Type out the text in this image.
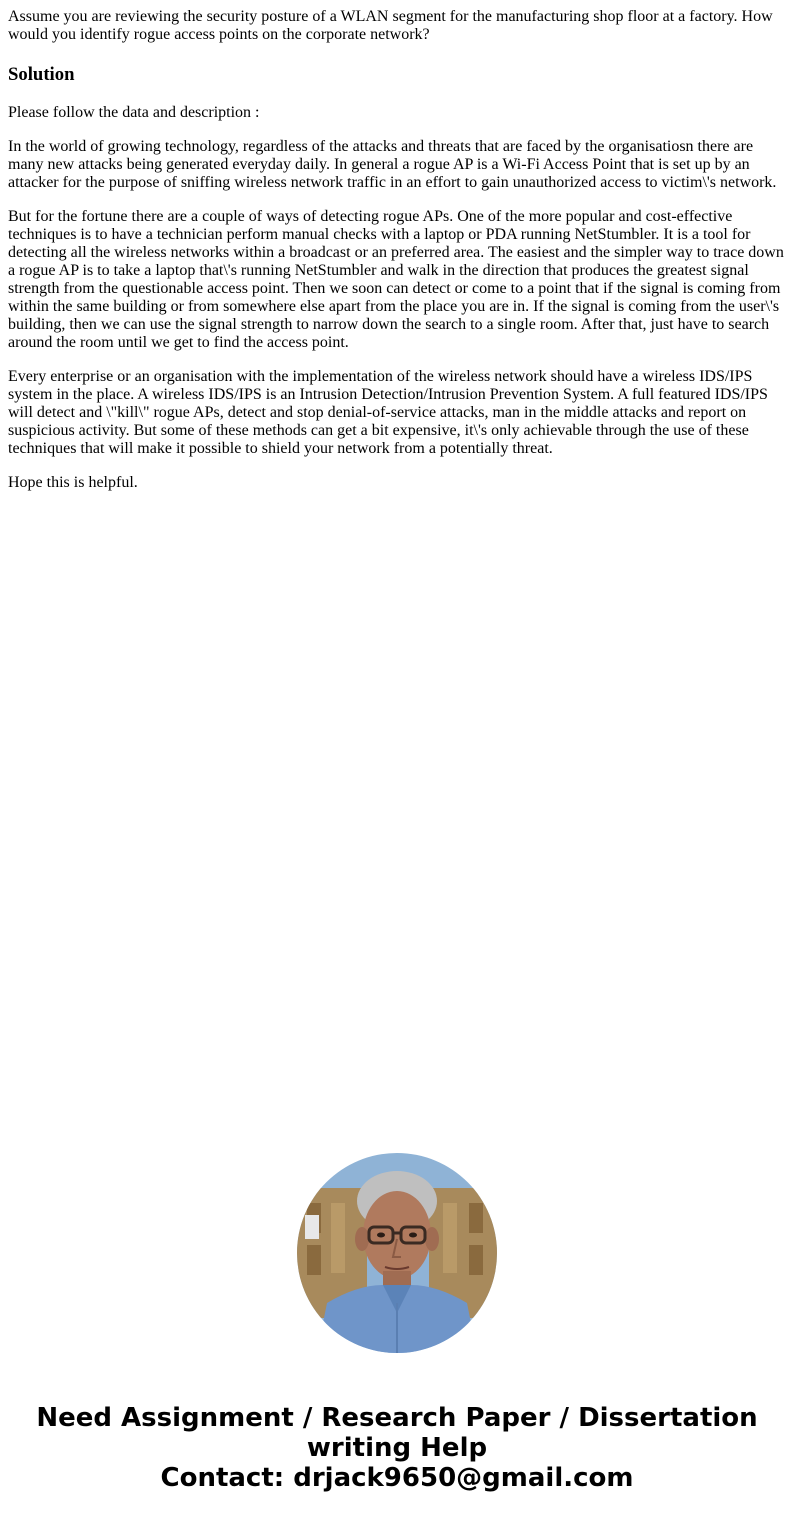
Assume you are reviewing the security posture of a WLAN segment for the manufacturing shop floor at a factory. How would you identify rogue access points on the corporate network?

Solution

Please follow the data and description :

In the world of growing technology, regardless of the attacks and threats that are faced by the organisatiosn there are many new attacks being generated everyday daily. In general a rogue AP is a Wi-Fi Access Point that is set up by an attacker for the purpose of sniffing wireless network traffic in an effort to gain unauthorized access to victim\'s network.

But for the fortune there are a couple of ways of detecting rogue APs. One of the more popular and cost-effective techniques is to have a technician perform manual checks with a laptop or PDA running NetStumbler. It is a tool for detecting all the wireless networks within a broadcast or an preferred area. The easiest and the simpler way to trace down a rogue AP is to take a laptop that\'s running NetStumbler and walk in the direction that produces the greatest signal strength from the questionable access point. Then we soon can detect or come to a point that if the signal is coming from within the same building or from somewhere else apart from the place you are in. If the signal is coming from the user\'s building, then we can use the signal strength to narrow down the search to a single room. After that, just have to search around the room until we get to find the access point.

Every enterprise or an organisation with the implementation of the wireless network should have a wireless IDS/IPS system in the place. A wireless IDS/IPS is an Intrusion Detection/Intrusion Prevention System. A full featured IDS/IPS will detect and \"kill\" rogue APs, detect and stop denial-of-service attacks, man in the middle attacks and report on suspicious activity. But some of these methods can get a bit expensive, it\'s only achievable through the use of these techniques that will make it possible to shield your network from a potentially threat.

Hope this is helpful.

Need Assignment / Research Paper / Dissertation
writing Help
Contact: drjack9650@gmail.com
